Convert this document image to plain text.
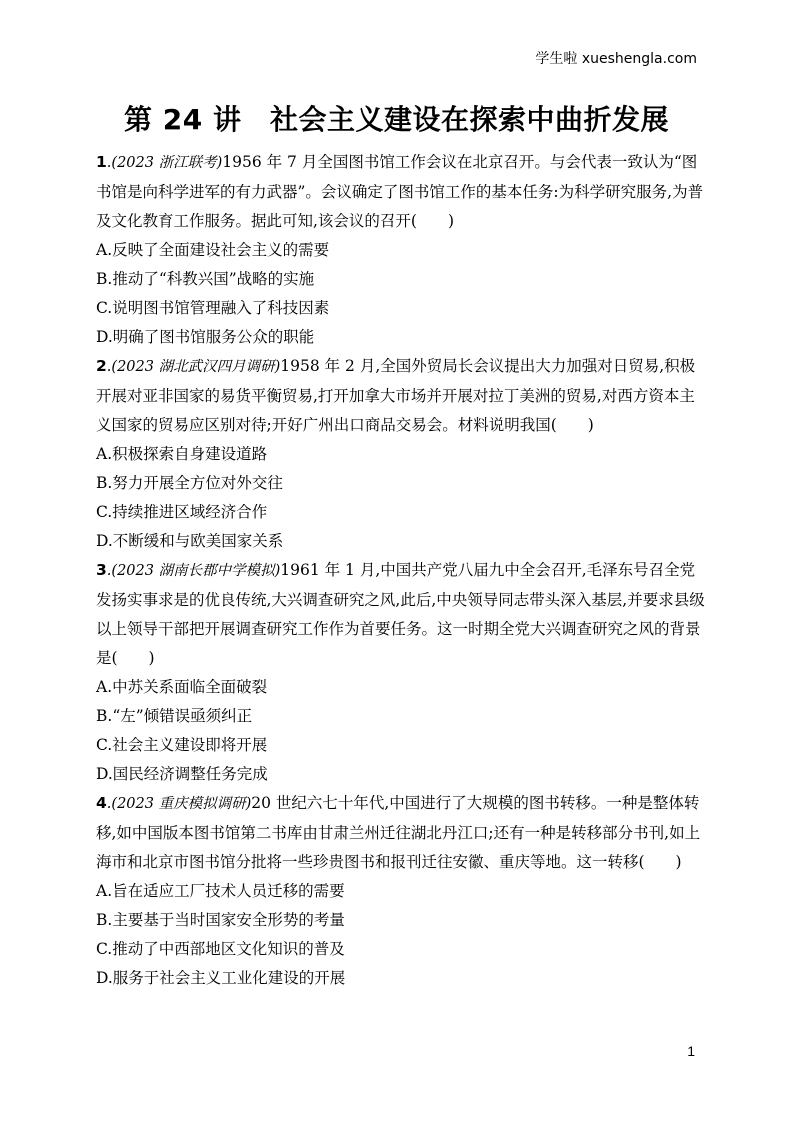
学生啦 xueshengla.com
第 24 讲　社会主义建设在探索中曲折发展

1.(2023 浙江联考)1956 年 7 月全国图书馆工作会议在北京召开。与会代表一致认为“图书馆是向科学进军的有力武器”。会议确定了图书馆工作的基本任务:为科学研究服务,为普及文化教育工作服务。据此可知,该会议的召开(　　)

A.反映了全面建设社会主义的需要

B.推动了“科教兴国”战略的实施

C.说明图书馆管理融入了科技因素

D.明确了图书馆服务公众的职能

2.(2023 湖北武汉四月调研)1958 年 2 月,全国外贸局长会议提出大力加强对日贸易,积极开展对亚非国家的易货平衡贸易,打开加拿大市场并开展对拉丁美洲的贸易,对西方资本主义国家的贸易应区别对待;开好广州出口商品交易会。材料说明我国(　　)

A.积极探索自身建设道路

B.努力开展全方位对外交往

C.持续推进区域经济合作

D.不断缓和与欧美国家关系

3.(2023 湖南长郡中学模拟)1961 年 1 月,中国共产党八届九中全会召开,毛泽东号召全党发扬实事求是的优良传统,大兴调查研究之风,此后,中央领导同志带头深入基层,并要求县级以上领导干部把开展调查研究工作作为首要任务。这一时期全党大兴调查研究之风的背景是(　　)

A.中苏关系面临全面破裂

B.“左”倾错误亟须纠正

C.社会主义建设即将开展

D.国民经济调整任务完成

4.(2023 重庆模拟调研)20 世纪六七十年代,中国进行了大规模的图书转移。一种是整体转移,如中国版本图书馆第二书库由甘肃兰州迁往湖北丹江口;还有一种是转移部分书刊,如上海市和北京市图书馆分批将一些珍贵图书和报刊迁往安徽、重庆等地。这一转移(　　)

A.旨在适应工厂技术人员迁移的需要

B.主要基于当时国家安全形势的考量

C.推动了中西部地区文化知识的普及

D.服务于社会主义工业化建设的开展

1
